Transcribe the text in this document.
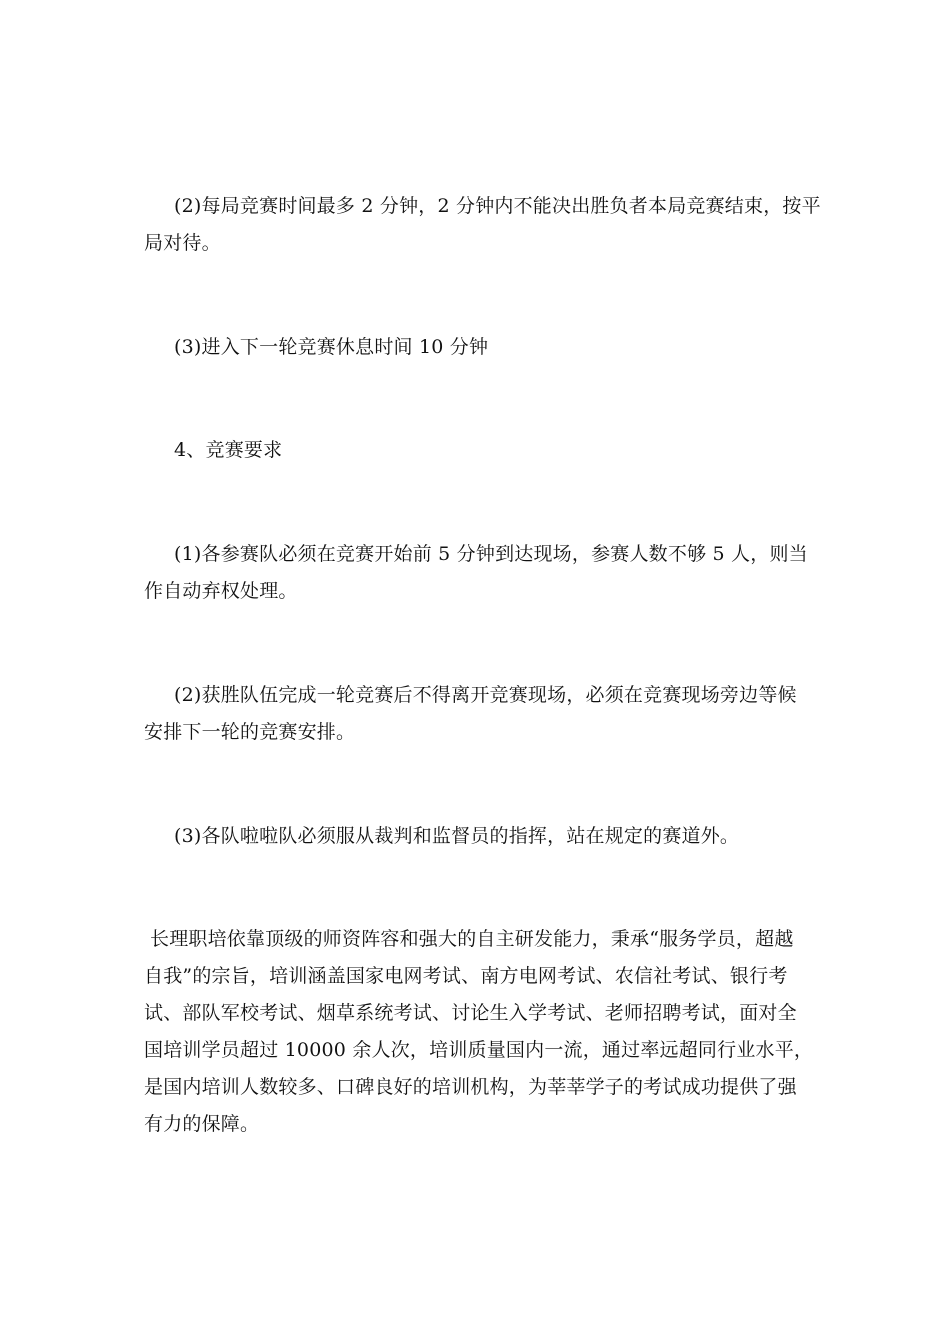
(2)每局竞赛时间最多 2 分钟，2 分钟内不能决出胜负者本局竞赛结束，按平
局对待。

(3)进入下一轮竞赛休息时间 10 分钟

4、竞赛要求

(1)各参赛队必须在竞赛开始前 5 分钟到达现场，参赛人数不够 5 人，则当
作自动弃权处理。

(2)获胜队伍完成一轮竞赛后不得离开竞赛现场，必须在竞赛现场旁边等候
安排下一轮的竞赛安排。

(3)各队啦啦队必须服从裁判和监督员的指挥，站在规定的赛道外。

长理职培依靠顶级的师资阵容和强大的自主研发能力，秉承“服务学员，超越
自我”的宗旨，培训涵盖国家电网考试、南方电网考试、农信社考试、银行考
试、部队军校考试、烟草系统考试、讨论生入学考试、老师招聘考试，面对全
国培训学员超过 10000 余人次，培训质量国内一流，通过率远超同行业水平，
是国内培训人数较多、口碑良好的培训机构，为莘莘学子的考试成功提供了强
有力的保障。
